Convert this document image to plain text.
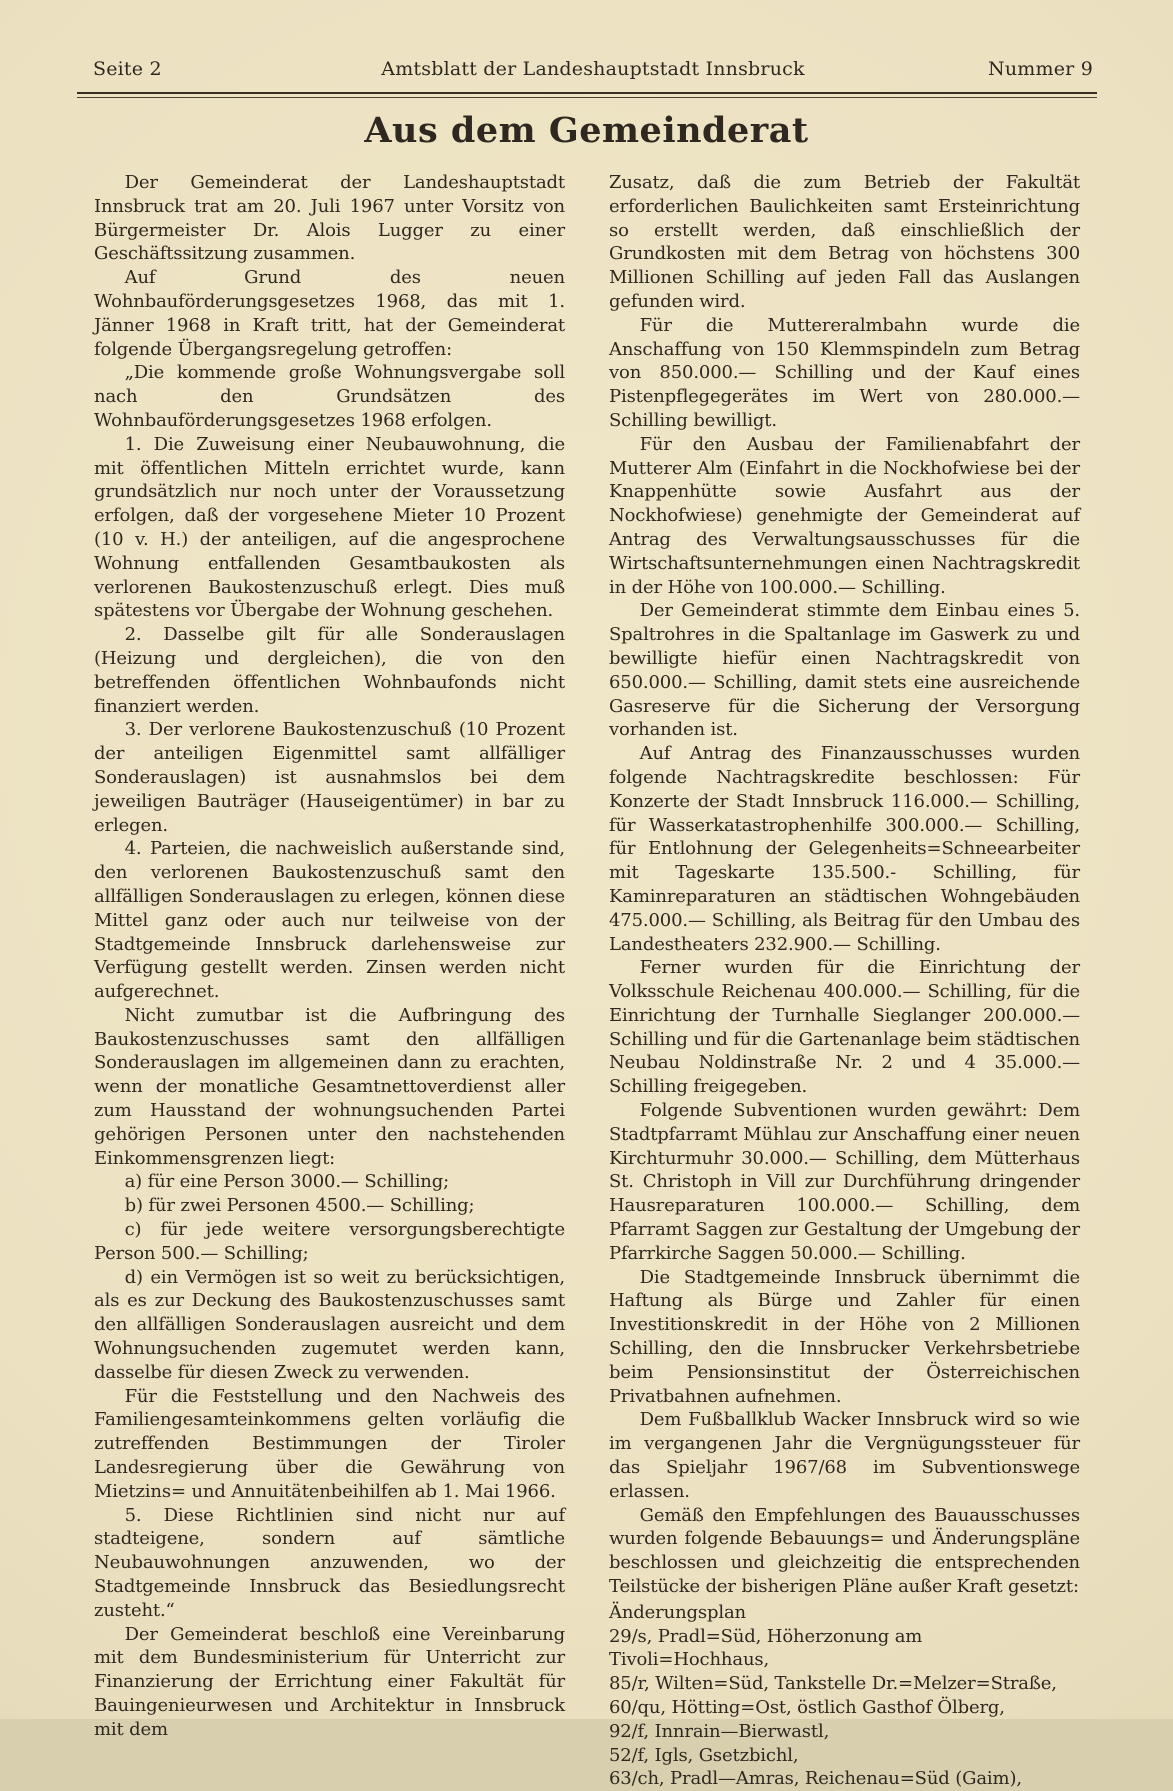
Seite 2	Amtsblatt der Landeshauptstadt Innsbruck	Nummer 9
Aus dem Gemeinderat

Der Gemeinderat der Landeshauptstadt Innsbruck trat am 20. Juli 1967 unter Vorsitz von Bürgermeister Dr. Alois Lugger zu einer Geschäftssitzung zusammen.

Auf Grund des neuen Wohnbauförderungsgesetzes 1968, das mit 1. Jänner 1968 in Kraft tritt, hat der Gemeinderat folgende Übergangsregelung getroffen:

„Die kommende große Wohnungsvergabe soll nach den Grundsätzen des Wohnbauförderungsgesetzes 1968 erfolgen.

1. Die Zuweisung einer Neubauwohnung, die mit öffentlichen Mitteln errichtet wurde, kann grundsätzlich nur noch unter der Voraussetzung erfolgen, daß der vorgesehene Mieter 10 Prozent (10 v. H.) der anteiligen, auf die angesprochene Wohnung entfallenden Gesamtbaukosten als verlorenen Baukostenzuschuß erlegt. Dies muß spätestens vor Übergabe der Wohnung geschehen.

2. Dasselbe gilt für alle Sonderauslagen (Heizung und dergleichen), die von den betreffenden öffentlichen Wohnbaufonds nicht finanziert werden.

3. Der verlorene Baukostenzuschuß (10 Prozent der anteiligen Eigenmittel samt allfälliger Sonderauslagen) ist ausnahmslos bei dem jeweiligen Bauträger (Hauseigentümer) in bar zu erlegen.

4. Parteien, die nachweislich außerstande sind, den verlorenen Baukostenzuschuß samt den allfälligen Sonderauslagen zu erlegen, können diese Mittel ganz oder auch nur teilweise von der Stadtgemeinde Innsbruck darlehensweise zur Verfügung gestellt werden. Zinsen werden nicht aufgerechnet.

Nicht zumutbar ist die Aufbringung des Baukostenzuschusses samt den allfälligen Sonderauslagen im allgemeinen dann zu erachten, wenn der monatliche Gesamtnettoverdienst aller zum Hausstand der wohnungsuchenden Partei gehörigen Personen unter den nachstehenden Einkommensgrenzen liegt:

a) für eine Person 3000.— Schilling;

b) für zwei Personen 4500.— Schilling;

c) für jede weitere versorgungsberechtigte Person 500.— Schilling;

d) ein Vermögen ist so weit zu berücksichtigen, als es zur Deckung des Baukostenzuschusses samt den allfälligen Sonderauslagen ausreicht und dem Wohnungsuchenden zugemutet werden kann, dasselbe für diesen Zweck zu verwenden.

Für die Feststellung und den Nachweis des Familiengesamteinkommens gelten vorläufig die zutreffenden Bestimmungen der Tiroler Landesregierung über die Gewährung von Mietzins= und Annuitätenbeihilfen ab 1. Mai 1966.

5. Diese Richtlinien sind nicht nur auf stadteigene, sondern auf sämtliche Neubauwohnungen anzuwenden, wo der Stadtgemeinde Innsbruck das Besiedlungsrecht zusteht.“

Der Gemeinderat beschloß eine Vereinbarung mit dem Bundesministerium für Unterricht zur Finanzierung der Errichtung einer Fakultät für Bauingenieurwesen und Architektur in Innsbruck mit dem

Zusatz, daß die zum Betrieb der Fakultät erforderlichen Baulichkeiten samt Ersteinrichtung so erstellt werden, daß einschließlich der Grundkosten mit dem Betrag von höchstens 300 Millionen Schilling auf jeden Fall das Auslangen gefunden wird.

Für die Muttereralmbahn wurde die Anschaffung von 150 Klemmspindeln zum Betrag von 850.000.— Schilling und der Kauf eines Pistenpflegegerätes im Wert von 280.000.— Schilling bewilligt.

Für den Ausbau der Familienabfahrt der Mutterer Alm (Einfahrt in die Nockhofwiese bei der Knappenhütte sowie Ausfahrt aus der Nockhofwiese) genehmigte der Gemeinderat auf Antrag des Verwaltungsausschusses für die Wirtschaftsunternehmungen einen Nachtragskredit in der Höhe von 100.000.— Schilling.

Der Gemeinderat stimmte dem Einbau eines 5. Spaltrohres in die Spaltanlage im Gaswerk zu und bewilligte hiefür einen Nachtragskredit von 650.000.— Schilling, damit stets eine ausreichende Gasreserve für die Sicherung der Versorgung vorhanden ist.

Auf Antrag des Finanzausschusses wurden folgende Nachtragskredite beschlossen: Für Konzerte der Stadt Innsbruck 116.000.— Schilling, für Wasserkatastrophenhilfe 300.000.— Schilling, für Entlohnung der Gelegenheits=Schneearbeiter mit Tageskarte 135.500.- Schilling, für Kaminreparaturen an städtischen Wohngebäuden 475.000.— Schilling, als Beitrag für den Umbau des Landestheaters 232.900.— Schilling.

Ferner wurden für die Einrichtung der Volksschule Reichenau 400.000.— Schilling, für die Einrichtung der Turnhalle Sieglanger 200.000.— Schilling und für die Gartenanlage beim städtischen Neubau Noldinstraße Nr. 2 und 4 35.000.— Schilling freigegeben.

Folgende Subventionen wurden gewährt: Dem Stadtpfarramt Mühlau zur Anschaffung einer neuen Kirchturmuhr 30.000.— Schilling, dem Mütterhaus St. Christoph in Vill zur Durchführung dringender Hausreparaturen 100.000.— Schilling, dem Pfarramt Saggen zur Gestaltung der Umgebung der Pfarrkirche Saggen 50.000.— Schilling.

Die Stadtgemeinde Innsbruck übernimmt die Haftung als Bürge und Zahler für einen Investitionskredit in der Höhe von 2 Millionen Schilling, den die Innsbrucker Verkehrsbetriebe beim Pensionsinstitut der Österreichischen Privatbahnen aufnehmen.

Dem Fußballklub Wacker Innsbruck wird so wie im vergangenen Jahr die Vergnügungssteuer für das Spieljahr 1967/68 im Subventionswege erlassen.

Gemäß den Empfehlungen des Bauausschusses wurden folgende Bebauungs= und Änderungspläne beschlossen und gleichzeitig die entsprechenden Teilstücke der bisherigen Pläne außer Kraft gesetzt:

Änderungsplan

29/s, Pradl=Süd, Höherzonung am Tivoli=Hochhaus,

85/r, Wilten=Süd, Tankstelle Dr.=Melzer=Straße,

60/qu, Hötting=Ost, östlich Gasthof Ölberg,

92/f, Innrain—Bierwastl,

52/f, Igls, Gsetzbichl,

63/ch, Pradl—Amras, Reichenau=Süd (Gaim),
